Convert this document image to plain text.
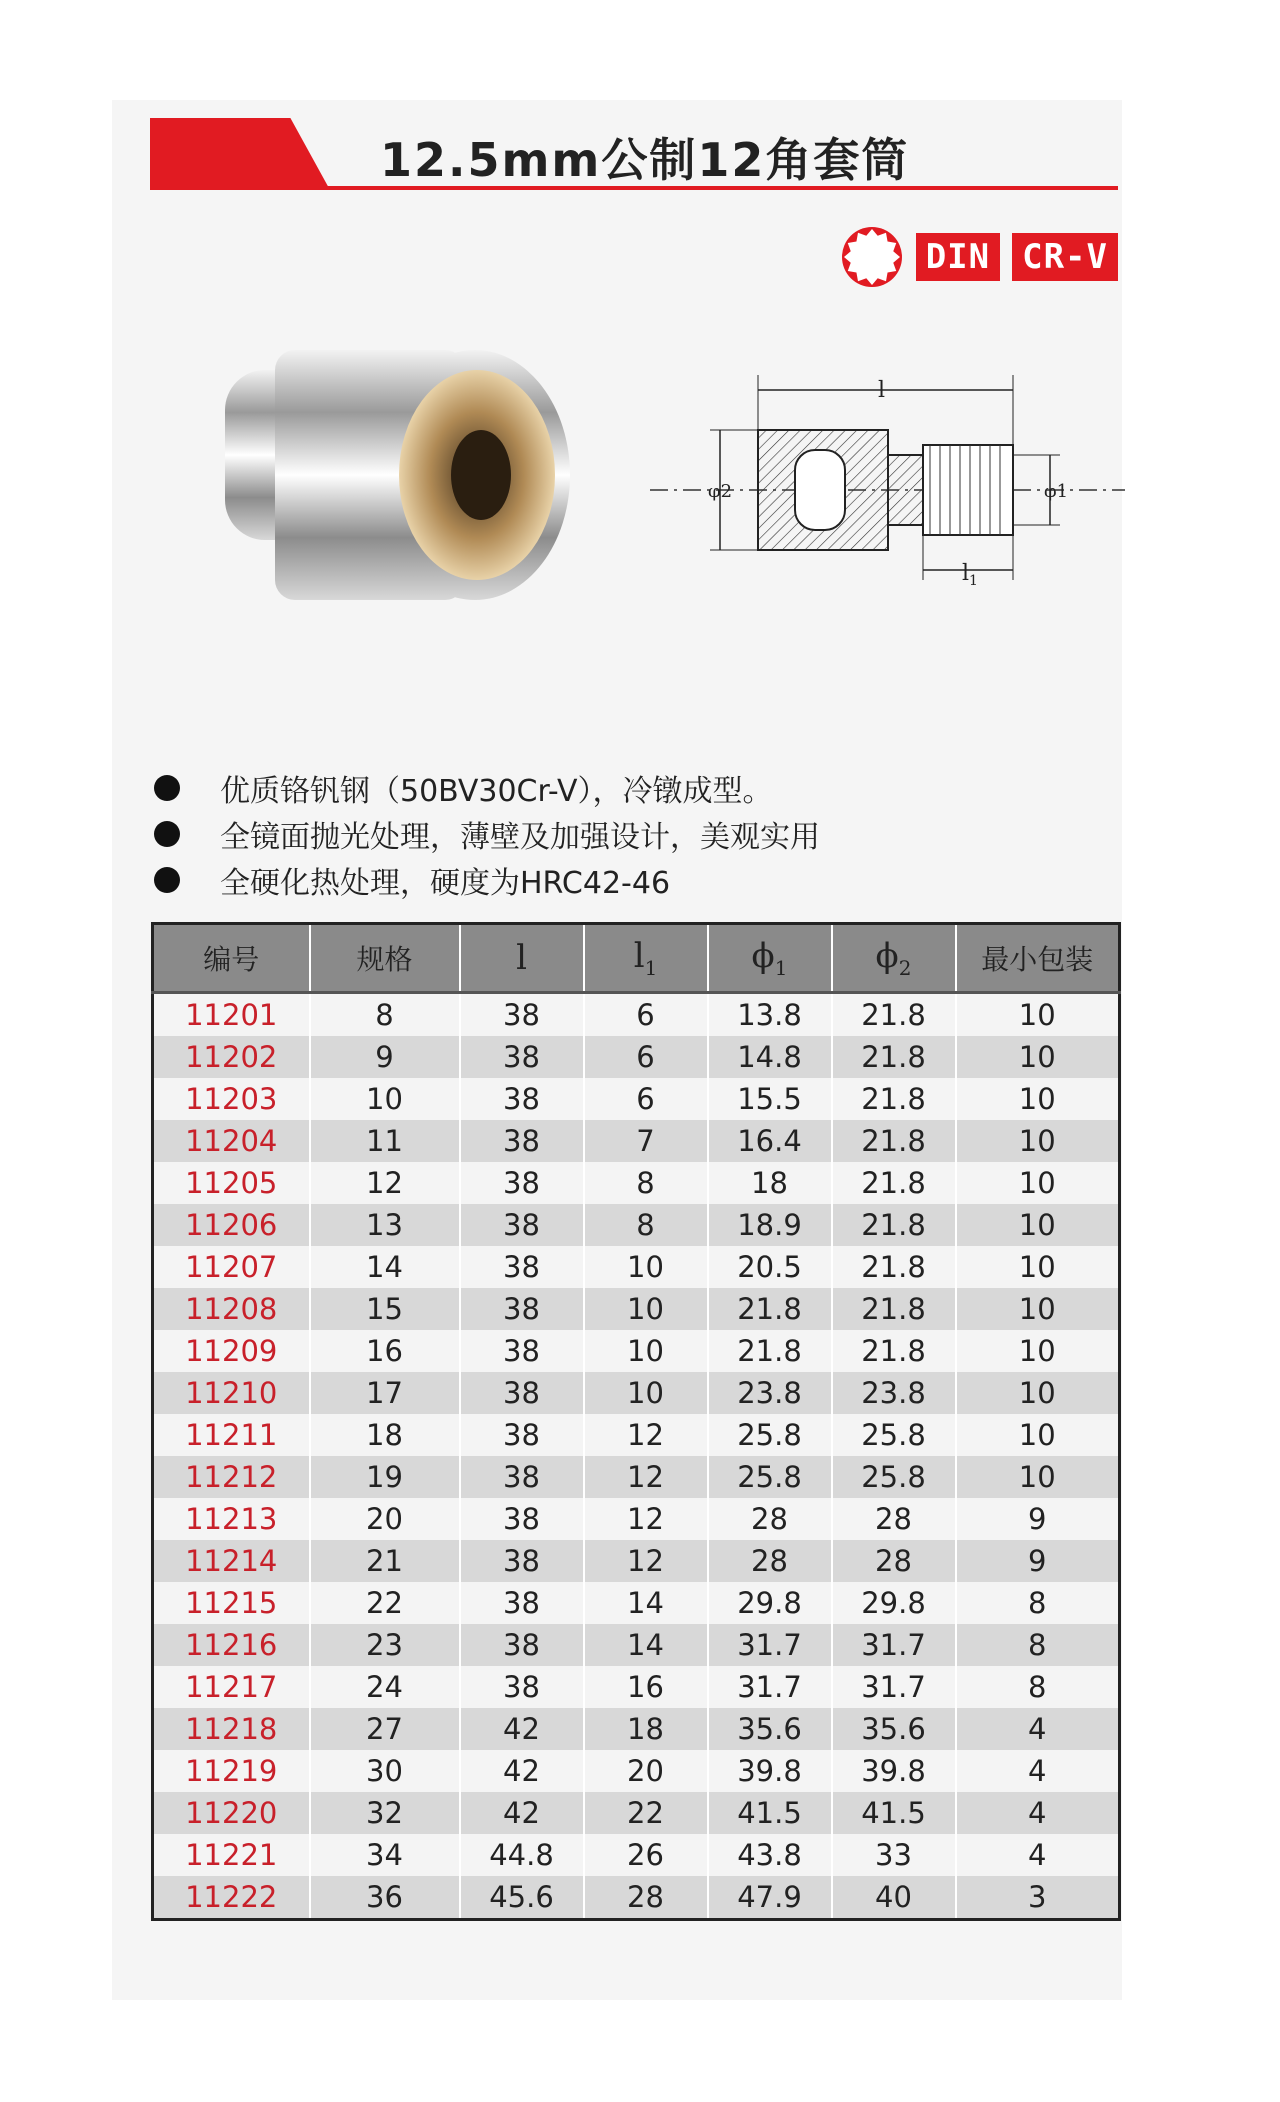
12.5mm公制12角套筒
DIN CR-V
l
$l_1$
φ2	φ1
优质铬钒钢（50BV30Cr-V），冷镦成型。
全镜面抛光处理，薄壁及加强设计，美观实用
全硬化热处理，硬度为HRC42-46
编号	规格	l	$l_1$	$\phi_1$	$\phi_2$	最小包装
11201	8	38	6	13.8	21.8	10
11202	9	38	6	14.8	21.8	10
11203	10	38	6	15.5	21.8	10
11204	11	38	7	16.4	21.8	10
11205	12	38	8	18	21.8	10
11206	13	38	8	18.9	21.8	10
11207	14	38	10	20.5	21.8	10
11208	15	38	10	21.8	21.8	10
11209	16	38	10	21.8	21.8	10
11210	17	38	10	23.8	23.8	10
11211	18	38	12	25.8	25.8	10
11212	19	38	12	25.8	25.8	10
11213	20	38	12	28	28	9
11214	21	38	12	28	28	9
11215	22	38	14	29.8	29.8	8
11216	23	38	14	31.7	31.7	8
11217	24	38	16	31.7	31.7	8
11218	27	42	18	35.6	35.6	4
11219	30	42	20	39.8	39.8	4
11220	32	42	22	41.5	41.5	4
11221	34	44.8	26	43.8	33	4
11222	36	45.6	28	47.9	40	3
